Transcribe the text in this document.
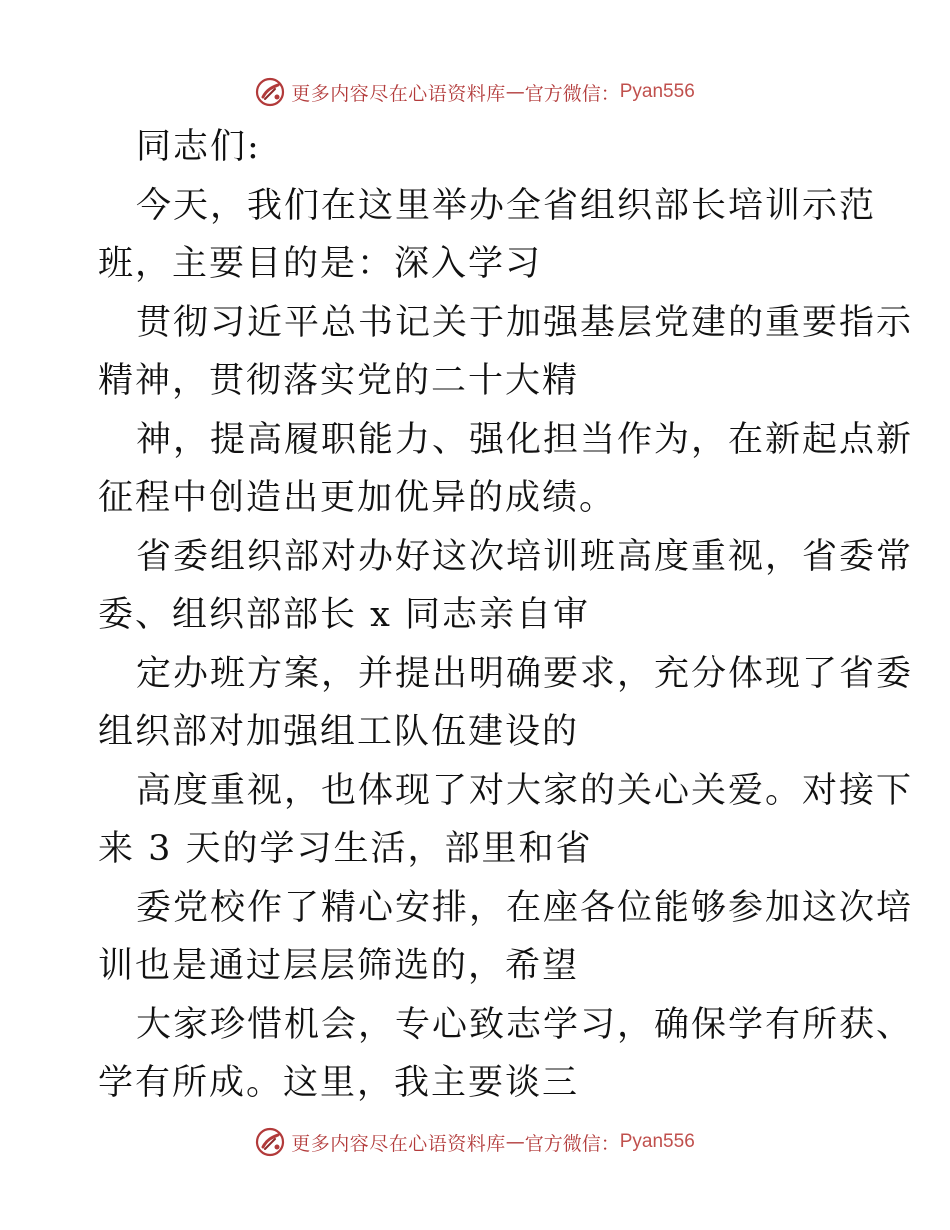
更多内容尽在心语资料库 — 官方微信： Pyan556
同志们:
今天，我们在这里举办全省组织部长培训示范
班，主要目的是：深入学习
贯彻习近平总书记关于加强基层党建的重要指示
精神，贯彻落实党的二十大精
神，提高履职能力、强化担当作为，在新起点新
征程中创造出更加优异的成绩。
省委组织部对办好这次培训班高度重视，省委常
委、组织部部长 x 同志亲自审
定办班方案，并提出明确要求，充分体现了省委
组织部对加强组工队伍建设的
高度重视，也体现了对大家的关心关爱。对接下
来 3 天的学习生活，部里和省
委党校作了精心安排，在座各位能够参加这次培
训也是通过层层筛选的，希望
大家珍惜机会，专心致志学习，确保学有所获、
学有所成。这里，我主要谈三
更多内容尽在心语资料库 — 官方微信： Pyan556
